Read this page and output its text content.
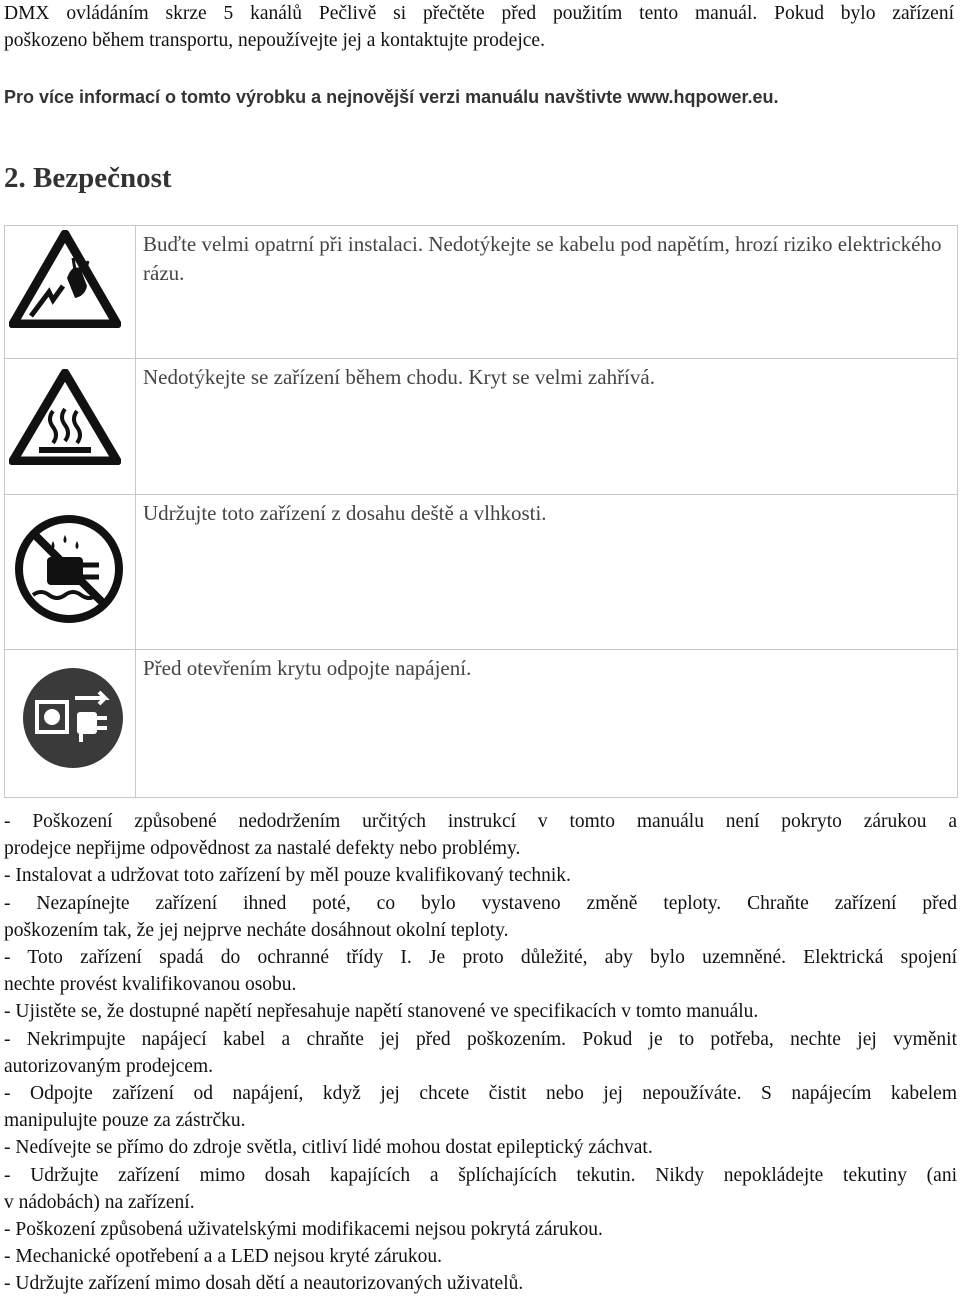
DMX ovládáním skrze 5 kanálů Pečlivě si přečtěte před použitím tento manuál. Pokud bylo zařízení
poškozeno během transportu, nepoužívejte jej a kontaktujte prodejce.
Pro více informací o tomto výrobku a nejnovější verzi manuálu navštivte www.hqpower.eu.
2. Bezpečnost
	Buďte velmi opatrní při instalaci. Nedotýkejte se kabelu pod napětím, hrozí riziko elektrického rázu.

	Nedotýkejte se zařízení během chodu. Kryt se velmi zahřívá.

	Udržujte toto zařízení z dosahu deště a vlhkosti.

	Před otevřením krytu odpojte napájení.
- Poškození způsobené nedodržením určitých instrukcí v tomto manuálu není pokryto zárukou a
prodejce nepřijme odpovědnost za nastalé defekty nebo problémy.
- Instalovat a udržovat toto zařízení by měl pouze kvalifikovaný technik.
- Nezapínejte zařízení ihned poté, co bylo vystaveno změně teploty. Chraňte zařízení před
poškozením tak, že jej nejprve necháte dosáhnout okolní teploty.
- Toto zařízení spadá do ochranné třídy I. Je proto důležité, aby bylo uzemněné. Elektrická spojení
nechte provést kvalifikovanou osobu.
- Ujistěte se, že dostupné napětí nepřesahuje napětí stanovené ve specifikacích v tomto manuálu.
- Nekrimpujte napájecí kabel a chraňte jej před poškozením. Pokud je to potřeba, nechte jej vyměnit
autorizovaným prodejcem.
- Odpojte zařízení od napájení, když jej chcete čistit nebo jej nepoužíváte. S napájecím kabelem
manipulujte pouze za zástrčku.
- Nedívejte se přímo do zdroje světla, citliví lidé mohou dostat epileptický záchvat.
- Udržujte zařízení mimo dosah kapajících a šplíchajících tekutin. Nikdy nepokládejte tekutiny (ani
v nádobách) na zařízení.
- Poškození způsobená uživatelskými modifikacemi nejsou pokrytá zárukou.
- Mechanické opotřebení a a LED nejsou kryté zárukou.
- Udržujte zařízení mimo dosah dětí a neautorizovaných uživatelů.
